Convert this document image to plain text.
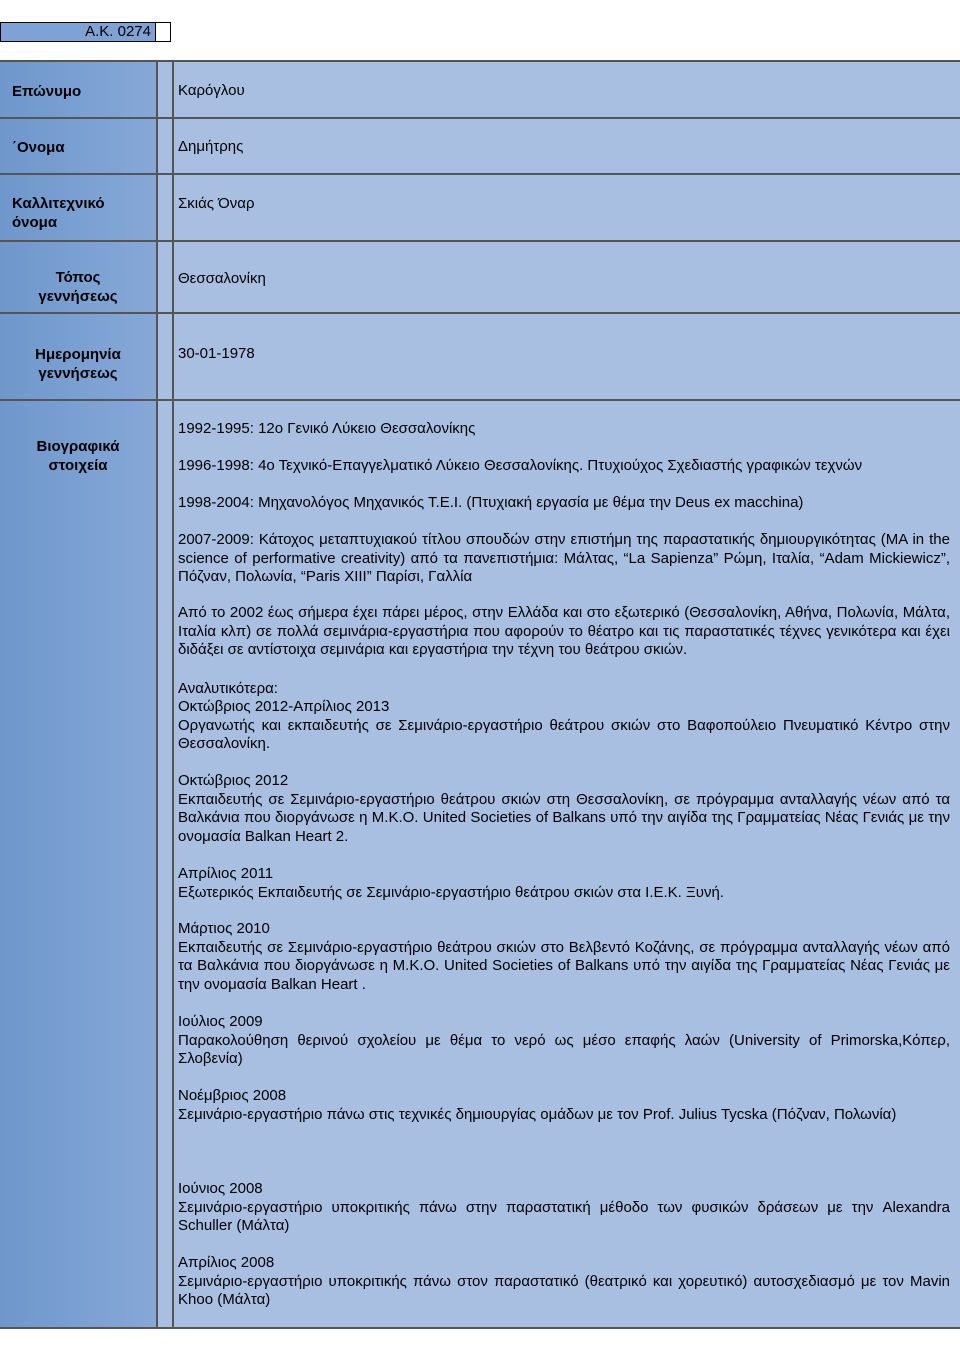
Α.Κ. 0274
Επώνυμο	Καρόγλου
΄Ονομα	Δημήτρης
Καλλιτεχνικό
όνομα
Σκιάς Όναρ
Τόπος
γεννήσεως
Θεσσαλονίκη
Ημερομηνία
γεννήσεως
30-01-1978
Βιογραφικά
στοιχεία

1992-1995: 12ο Γενικό Λύκειο Θεσσαλονίκης

1996-1998: 4ο Τεχνικό-Επαγγελματικό Λύκειο Θεσσαλονίκης. Πτυχιούχος Σχεδιαστής γραφικών τεχνών

1998-2004: Μηχανολόγος Μηχανικός Τ.Ε.Ι. (Πτυχιακή εργασία με θέμα την Deus ex macchina)

2007-2009: Κάτοχος μεταπτυχιακού τίτλου σπουδών στην επιστήμη της παραστατικής δημιουργικότητας (MA in the science of performative creativity) από τα πανεπιστήμια: Μάλτας, “La Sapienza” Ρώμη, Ιταλία, “Adam Mickiewicz”, Πόζναν, Πολωνία, “Paris XIII” Παρίσι, Γαλλία

Από το 2002 έως σήμερα έχει πάρει μέρος, στην Ελλάδα και στο εξωτερικό (Θεσσαλονίκη, Αθήνα, Πολωνία, Μάλτα, Ιταλία κλπ) σε πολλά σεμινάρια-εργαστήρια που αφορούν το θέατρο και τις παραστατικές τέχνες γενικότερα και έχει διδάξει σε αντίστοιχα σεμινάρια και εργαστήρια την τέχνη του θεάτρου σκιών.

Αναλυτικότερα:

Οκτώβριος 2012-Απρίλιος 2013

Οργανωτής και εκπαιδευτής σε Σεμινάριο-εργαστήριο θεάτρου σκιών στο Βαφοπούλειο Πνευματικό Κέντρο στην Θεσσαλονίκη.

Οκτώβριος 2012

Εκπαιδευτής σε Σεμινάριο-εργαστήριο θεάτρου σκιών στη Θεσσαλονίκη, σε πρόγραμμα ανταλλαγής νέων από τα Βαλκάνια που διοργάνωσε η Μ.Κ.Ο. United Societies of Balkans υπό την αιγίδα της Γραμματείας Νέας Γενιάς με την ονομασία Balkan Heart 2.

Απρίλιος 2011

Εξωτερικός Εκπαιδευτής σε Σεμινάριο-εργαστήριο θεάτρου σκιών στα Ι.Ε.Κ. Ξυνή.

Μάρτιος 2010

Εκπαιδευτής σε Σεμινάριο-εργαστήριο θεάτρου σκιών στο Βελβεντό Κοζάνης, σε πρόγραμμα ανταλλαγής νέων από τα Βαλκάνια που διοργάνωσε η Μ.Κ.Ο. United Societies of Balkans υπό την αιγίδα της Γραμματείας Νέας Γενιάς με την ονομασία Balkan Heart .

Ιούλιος 2009

Παρακολούθηση θερινού σχολείου με θέμα το νερό ως μέσο επαφής λαών (University of Primorska,Κόπερ, Σλοβενία)

Νοέμβριος 2008

Σεμινάριο-εργαστήριο πάνω στις τεχνικές δημιουργίας ομάδων με τον Prof. Julius Tycska (Πόζναν, Πολωνία)

Ιούνιος 2008

Σεμινάριο-εργαστήριο υποκριτικής πάνω στην παραστατική μέθοδο των φυσικών δράσεων με την Alexandra Schuller (Μάλτα)

Απρίλιος 2008

Σεμινάριο-εργαστήριο υποκριτικής πάνω στον παραστατικό (θεατρικό και χορευτικό) αυτοσχεδιασμό με τον Mavin Khoo (Μάλτα)
